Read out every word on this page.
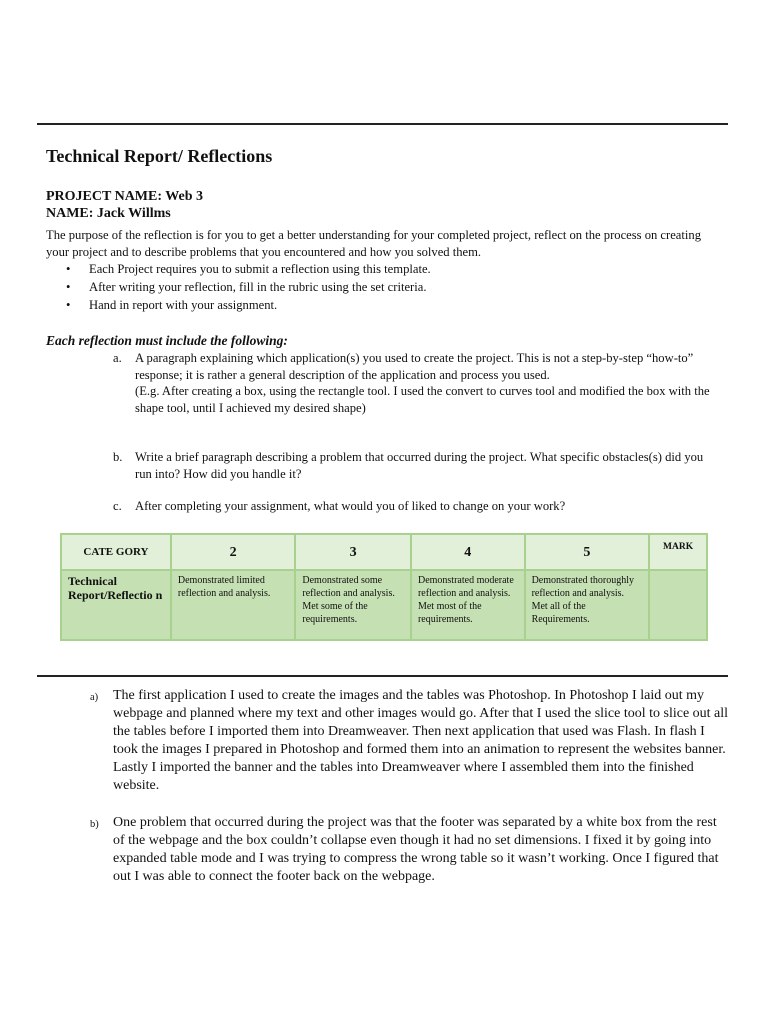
Technical Report/ Reflections
PROJECT NAME: Web 3
NAME: Jack Willms
The purpose of the reflection is for you to get a better understanding for your completed project, reflect on the process on creating your project and to describe problems that you encountered and how you solved them.
• Each Project requires you to submit a reflection using this template.
• After writing your reflection, fill in the rubric using the set criteria.
• Hand in report with your assignment.
Each reflection must include the following:
a.	A paragraph explaining which application(s) you used to create the project. This is not a step-by-step “how-to” response; it is rather a general description of the application and process you used.
(E.g. After creating a box, using the rectangle tool. I used the convert to curves tool and modified the box with the shape tool, until I achieved my desired shape)
b. Write a brief paragraph describing a problem that occurred during the project. What specific obstacles(s) did you run into? How did you handle it?
c.	After completing your assignment, what would you of liked to change on your work?
CATE GORY	2	3	4	5	MARK
Technical Report/Reflectio n	Demonstrated limited reflection and analysis.	Demonstrated some reflection and analysis. Met some of the requirements.	Demonstrated moderate reflection and analysis. Met most of the requirements.	Demonstrated thoroughly reflection and analysis. Met all of the Requirements.	
a) The first application I used to create the images and the tables was Photoshop. In Photoshop I laid out my webpage and planned where my text and other images would go. After that I used the slice tool to slice out all the tables before I imported them into Dreamweaver. Then next application that used was Flash. In flash I took the images I prepared in Photoshop and formed them into an animation to represent the websites banner. Lastly I imported the banner and the tables into Dreamweaver where I assembled them into the finished website.
b) One problem that occurred during the project was that the footer was separated by a white box from the rest of the webpage and the box couldn’t collapse even though it had no set dimensions. I fixed it by going into expanded table mode and I was trying to compress the wrong table so it wasn’t working. Once I figured that out I was able to connect the footer back on the webpage.
